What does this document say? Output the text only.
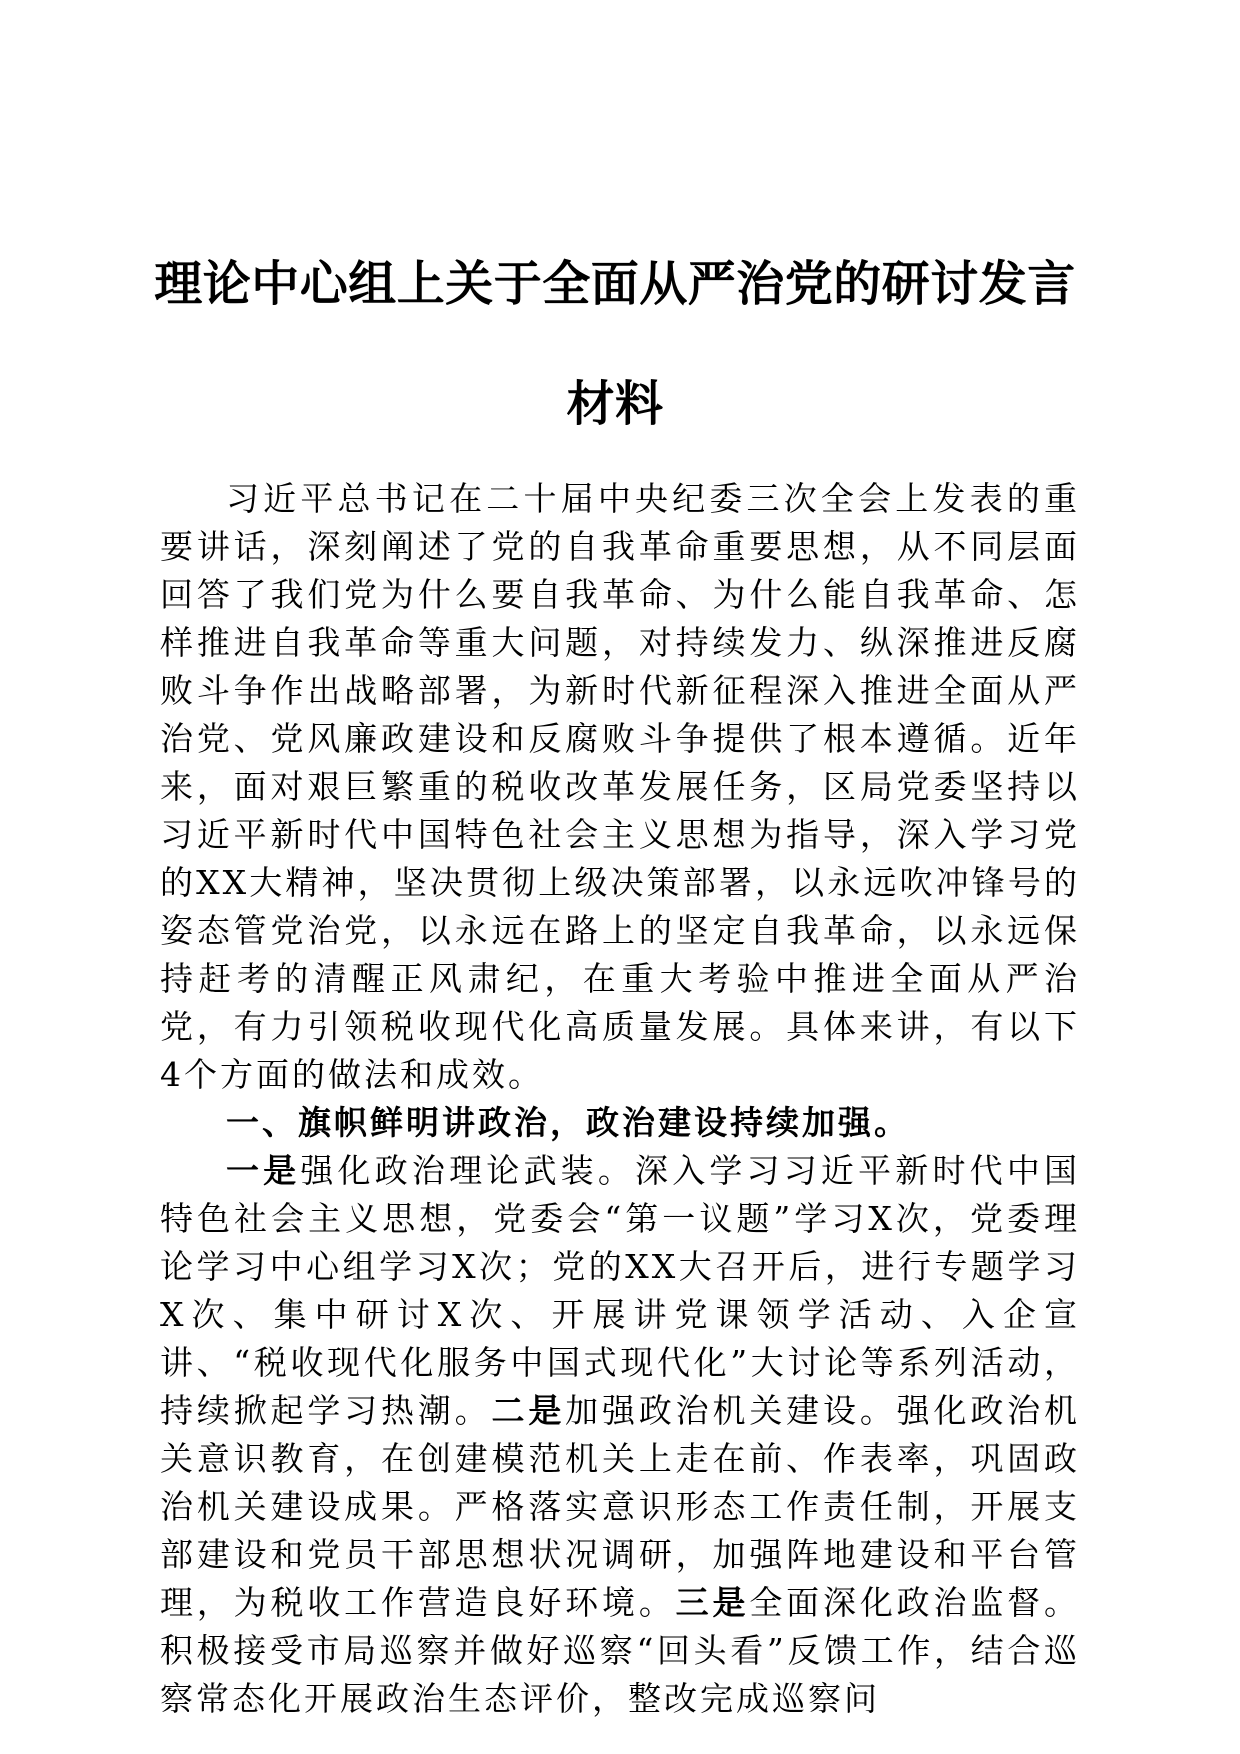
理论中心组上关于全面从严治党的研讨发言材料

习近平总书记在二十届中央纪委三次全会上发表的重要讲话，深刻阐述了党的自我革命重要思想，从不同层面回答了我们党为什么要自我革命、为什么能自我革命、怎样推进自我革命等重大问题，对持续发力、纵深推进反腐败斗争作出战略部署，为新时代新征程深入推进全面从严治党、党风廉政建设和反腐败斗争提供了根本遵循。近年来，面对艰巨繁重的税收改革发展任务，区局党委坚持以习近平新时代中国特色社会主义思想为指导，深入学习党的XX大精神，坚决贯彻上级决策部署，以永远吹冲锋号的姿态管党治党，以永远在路上的坚定自我革命，以永远保持赶考的清醒正风肃纪，在重大考验中推进全面从严治党，有力引领税收现代化高质量发展。具体来讲，有以下4个方面的做法和成效。

一、旗帜鲜明讲政治，政治建设持续加强。

一是强化政治理论武装。深入学习习近平新时代中国特色社会主义思想，党委会“第一议题”学习X次，党委理论学习中心组学习X次；党的XX大召开后，进行专题学习X次、集中研讨X次、开展讲党课领学活动、入企宣讲、“税收现代化服务中国式现代化”大讨论等系列活动，持续掀起学习热潮。二是加强政治机关建设。强化政治机关意识教育，在创建模范机关上走在前、作表率，巩固政治机关建设成果。严格落实意识形态工作责任制，开展支部建设和党员干部思想状况调研，加强阵地建设和平台管理，为税收工作营造良好环境。三是全面深化政治监督。积极接受市局巡察并做好巡察“回头看”反馈工作，结合巡察常态化开展政治生态评价，整改完成巡察问
